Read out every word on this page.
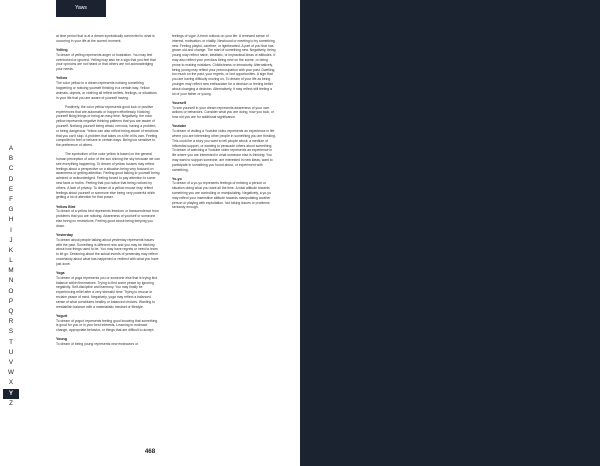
Yaws
A
B
C
D
E
F
G
H
I
J
K
L
M
N
O
P
Q
R
S
T
U
V
W
X
Y
Z
at time period that is at a dream symbolically connected to what is occurring in your life at the current moment.
Yelling
To dream of yelling represents anger or frustration. You may feel overlooked or ignored. Yelling may also be a sign that you feel that your opinions are not heard or that others are not acknowledging your needs.
Yellow
The color yellow in a dream represents noticing something happening or noticing yourself thinking in a certain way. Yellow animals, objects, or clothing all reflect beliefs, feelings, or situations in your life that you are aware of yourself having.
Positively, the color yellow represents good luck or positive experiences that are automatic or happen effortlessly. Noticing yourself liking things or being an easy time. Negatively, the color yellow represents negative thinking patterns that you are aware of yourself. Noticing yourself being afraid, nervous, having a problem, or being dangerous. Yellow can also reflect being aware of emotions that you can't stop. A problem that takes on a life of its own. Feeling compelled to feel or behave in certain ways. Being too sensitive to the preference of others.
The symbolism of the color yellow is based on the general human perception of color of the sun shining the sky because we can see everything happening. To dream of yellow houses may reflect feelings about a perspective on a situation being very focused on awareness or getting attention. Feeling good talking to yourself being admired or acknowledged. Feeling forced to pay attention to some new facts or truths. Feeling that you notice that being noticed by others. A lack of privacy. To dream of a yellow mouse may reflect feelings about yourself or someone else being very powerful while getting a lot of attention for that power.
Yellow Bird
To dream of a yellow bird represents freedom or transcendence from problems that you are noticing. Awareness of yourself or someone else being no restrictions. Feeling good about being keeping you down.
Yesterday
To dream about people talking about yesterday represents issues with the past. Something is different now and you may be thinking about how things used to be. You may have regrets or need to learn to let go. Dreaming about the actual events of yesterday may reflect uncertainty about what has happened or redirect with what you have just done.
Yoga
To dream of yoga represents you or someone else that is trying find balance within themselves. Trying to find some peace by ignoring negativity. Self-discipline and harmony. You may finally be experiencing relief after a very stressful time. Trying to rescue or reclaim peace of mind. Negatively, yoga may reflect a balanced sense of what constitutes healthy or balanced choices. Wanting to reestablish balance with a materialistic mindset or lifestyle.
Yogurt
To dream of yogurt represents feeling good knowing that something is good for you or in your best interests. Learning to embrace change, appropriate behavior, or things that are difficult to accept.
Young
To dream of being young represents new endeavors or
feelings of vigor. A fresh outlook on your life. A renewed sense of interest, motivation, or vitality. Newfound or meeting to try something new. Feeling playful, carefree, or lighthearted. A part of you that has grown old and change. The start of something new. Negatively, being young may reflect naive, idealistic, or impractical ideas or attitudes. It may also reflect your previous being new on the scene, or being prone to making mistakes. Childishness or immaturity. Alternatively, being young may reflect your preoccupation with your past. Dwelling too much on the past, your regrets, or lost opportunities. A sign that you are having difficulty moving on. To dream of your life as being younger may reflect new enthusiasm for a decision or feeling better about changing a decision. Alternatively, it may reflect still feeling a lot of your father or young.
Yourself
To see yourself in your dream represents awareness of your own actions or behaviors. Consider what you are doing, how you look, or how old you are for additional significance.
Youtube
To dream of visiting a Youtube video represents an experience in life where you are interesting other people in something you are thinking. This could be a story you want to tell people about, a medium of influential support, or wanting to persuade others about something. To dream of watching a Youtube video represents an experience in life where you are interested in what someone else is thinking. You may want to support someone, are interested in new ideas, want to participate in something you found about, or experiment with something.
Yo-yo
To dream of a yo-yo represents feelings of enticing a person or situation doing what you want all the time. A total attitude towards something you are controlling or manipulating. Negatively, a yo-yo may reflect your insensitive attitude towards manipulating another person or playing with exploitation. Not taking issues or problems seriously enough.
468
